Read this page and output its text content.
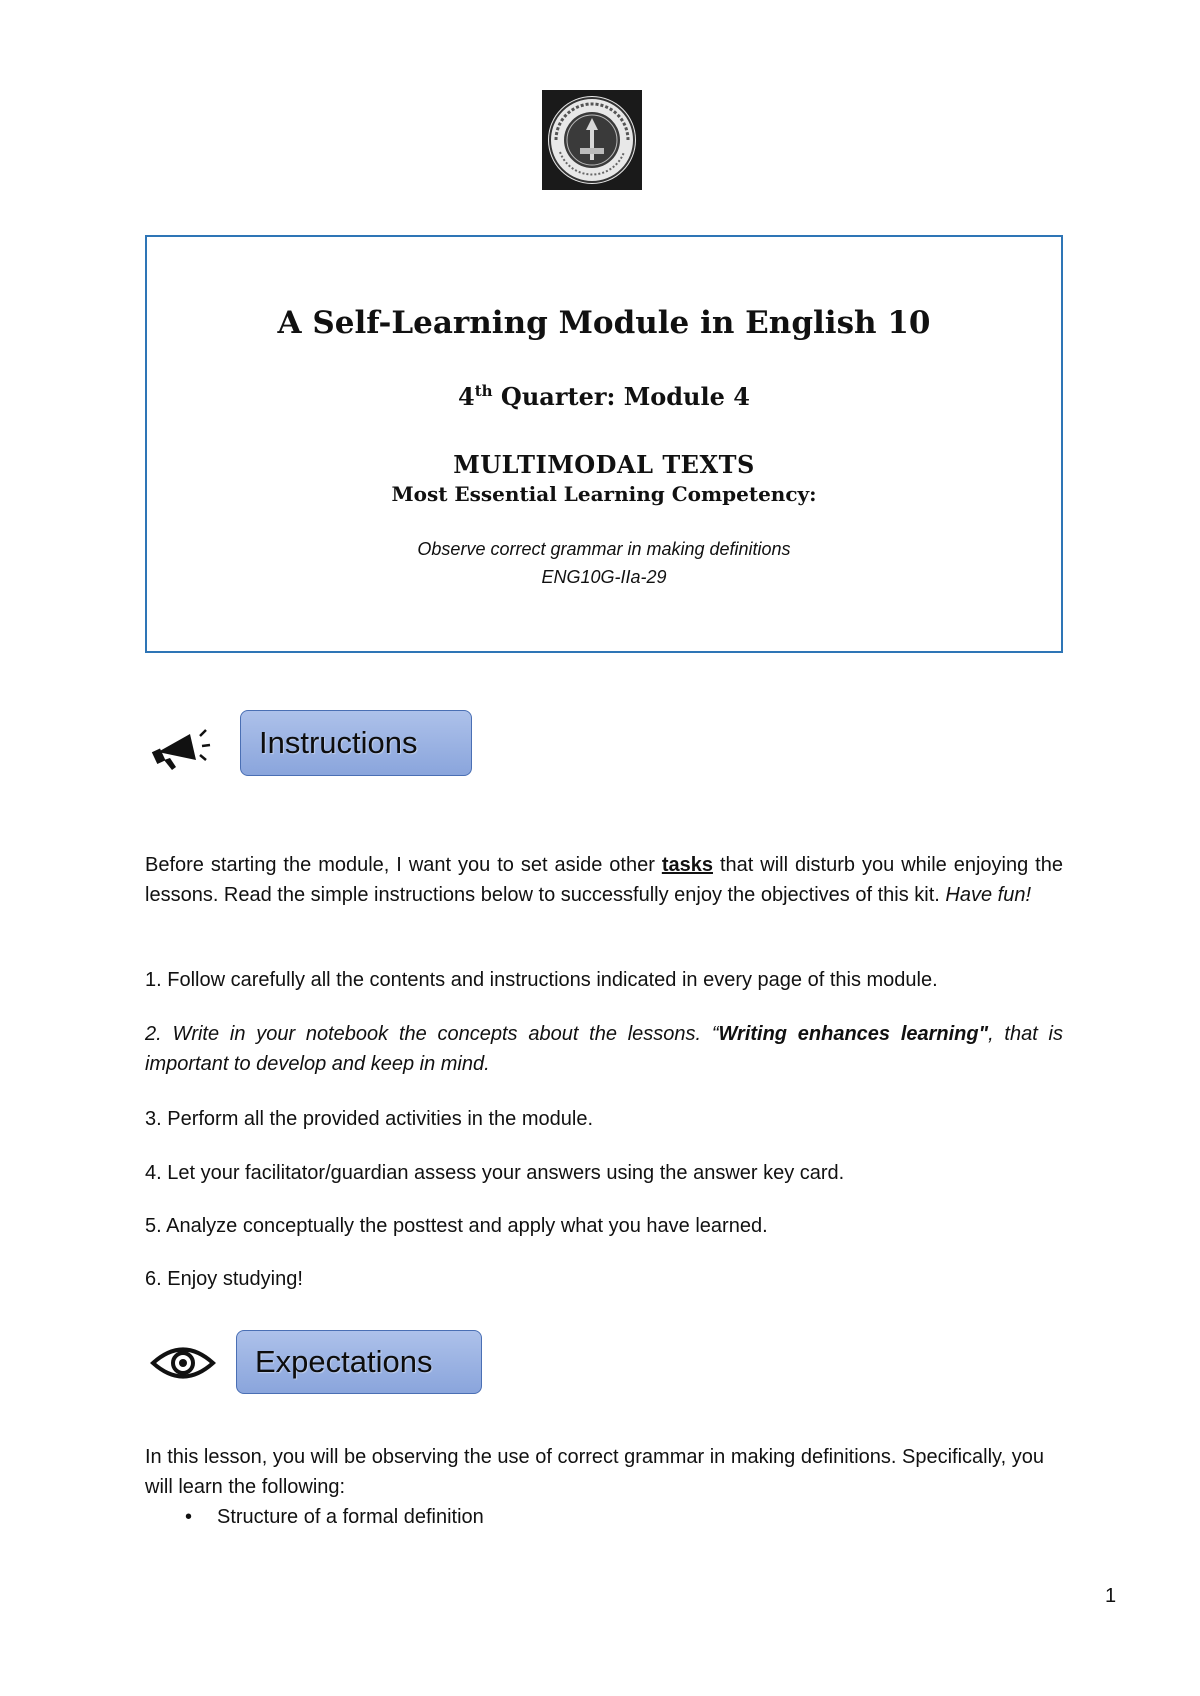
A Self-Learning Module in English 10
4th Quarter: Module 4
MULTIMODAL TEXTS
Most Essential Learning Competency:
Observe correct grammar in making definitions
ENG10G-IIa-29
Instructions
Before starting the module, I want you to set aside other tasks that will disturb you while enjoying the lessons. Read the simple instructions below to successfully enjoy the objectives of this kit. Have fun!
1. Follow carefully all the contents and instructions indicated in every page of this module.
2. Write in your notebook the concepts about the lessons. “Writing enhances learning", that is important to develop and keep in mind.
3. Perform all the provided activities in the module.
4. Let your facilitator/guardian assess your answers using the answer key card.
5. Analyze conceptually the posttest and apply what you have learned.
6. Enjoy studying!
Expectations
In this lesson, you will be observing the use of correct grammar in making definitions. Specifically, you will learn the following:
• Structure of a formal definition
1
